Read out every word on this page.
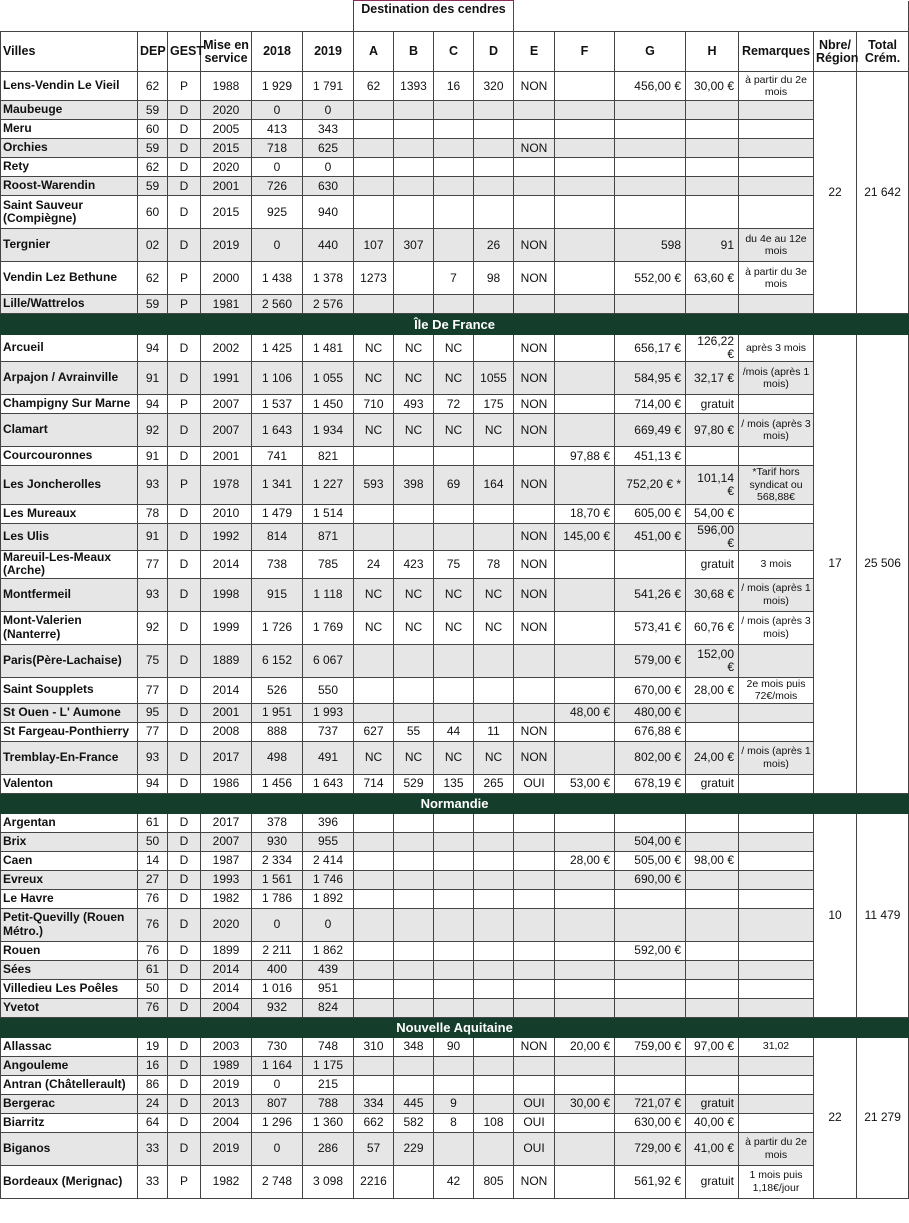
						Destination des cendres										
Villes	DEP	GEST	Mise en service	2018	2019	A	B	C	D	E	F	G	H	Remarques	Nbre/ Région	Total Crém.
Lens-Vendin Le Vieil	62	P	1988	1 929	1 791	62	1393	16	320	NON		456,00 €	30,00 €	à partir du 2e mois	22	21 642
Maubeuge	59	D	2020	0	0											
Meru	60	D	2005	413	343											
Orchies	59	D	2015	718	625					NON						
Rety	62	D	2020	0	0											
Roost-Warendin	59	D	2001	726	630											
Saint Sauveur (Compiègne)	60	D	2015	925	940											
Tergnier	02	D	2019	0	440	107	307		26	NON		598	91	du 4e au 12e mois		
Vendin Lez Bethune	62	P	2000	1 438	1 378	1273		7	98	NON		552,00 €	63,60 €	à partir du 3e mois		
Lille/Wattrelos	59	P	1981	2 560	2 576											
Île De France																
Arcueil	94	D	2002	1 425	1 481	NC	NC	NC		NON		656,17 €	126,22 €	après 3 mois	17	25 506
Arpajon / Avrainville	91	D	1991	1 106	1 055	NC	NC	NC	1055	NON		584,95 €	32,17 €	/mois (après 1 mois)		
Champigny Sur Marne	94	P	2007	1 537	1 450	710	493	72	175	NON		714,00 €	gratuit			
Clamart	92	D	2007	1 643	1 934	NC	NC	NC	NC	NON		669,49 €	97,80 €	/ mois (après 3 mois)		
Courcouronnes	91	D	2001	741	821						97,88 €	451,13 €				
Les Joncherolles	93	P	1978	1 341	1 227	593	398	69	164	NON		752,20 € *	101,14 €	*Tarif hors syndicat ou 568,88€		
Les Mureaux	78	D	2010	1 479	1 514						18,70 €	605,00 €	54,00 €			
Les Ulis	91	D	1992	814	871					NON	145,00 €	451,00 €	596,00 €			
Mareuil-Les-Meaux (Arche)	77	D	2014	738	785	24	423	75	78	NON			gratuit	3 mois		
Montfermeil	93	D	1998	915	1 118	NC	NC	NC	NC	NON		541,26 €	30,68 €	/ mois (après 1 mois)		
Mont-Valerien (Nanterre)	92	D	1999	1 726	1 769	NC	NC	NC	NC	NON		573,41 €	60,76 €	/ mois (après 3 mois)		
Paris(Père-Lachaise)	75	D	1889	6 152	6 067							579,00 €	152,00 €			
Saint Soupplets	77	D	2014	526	550							670,00 €	28,00 €	2e mois puis 72€/mois		
St Ouen - L' Aumone	95	D	2001	1 951	1 993						48,00 €	480,00 €				
St Fargeau-Ponthierry	77	D	2008	888	737	627	55	44	11	NON		676,88 €				
Tremblay-En-France	93	D	2017	498	491	NC	NC	NC	NC	NON		802,00 €	24,00 €	/ mois (après 1 mois)		
Valenton	94	D	1986	1 456	1 643	714	529	135	265	OUI	53,00 €	678,19 €	gratuit			
Normandie																
Argentan	61	D	2017	378	396										10	11 479
Brix	50	D	2007	930	955							504,00 €				
Caen	14	D	1987	2 334	2 414						28,00 €	505,00 €	98,00 €			
Evreux	27	D	1993	1 561	1 746							690,00 €				
Le Havre	76	D	1982	1 786	1 892											
Petit-Quevilly (Rouen Métro.)	76	D	2020	0	0											
Rouen	76	D	1899	2 211	1 862							592,00 €				
Sées	61	D	2014	400	439											
Villedieu Les Poêles	50	D	2014	1 016	951											
Yvetot	76	D	2004	932	824											
Nouvelle Aquitaine																
Allassac	19	D	2003	730	748	310	348	90		NON	20,00 €	759,00 €	97,00 €	31,02	22	21 279
Angouleme	16	D	1989	1 164	1 175											
Antran (Châtellerault)	86	D	2019	0	215											
Bergerac	24	D	2013	807	788	334	445	9		OUI	30,00 €	721,07 €	gratuit			
Biarritz	64	D	2004	1 296	1 360	662	582	8	108	OUI		630,00 €	40,00 €			
Biganos	33	D	2019	0	286	57	229			OUI		729,00 €	41,00 €	à partir du 2e mois		
Bordeaux (Merignac)	33	P	1982	2 748	3 098	2216		42	805	NON		561,92 €	gratuit	1 mois puis 1,18€/jour		
